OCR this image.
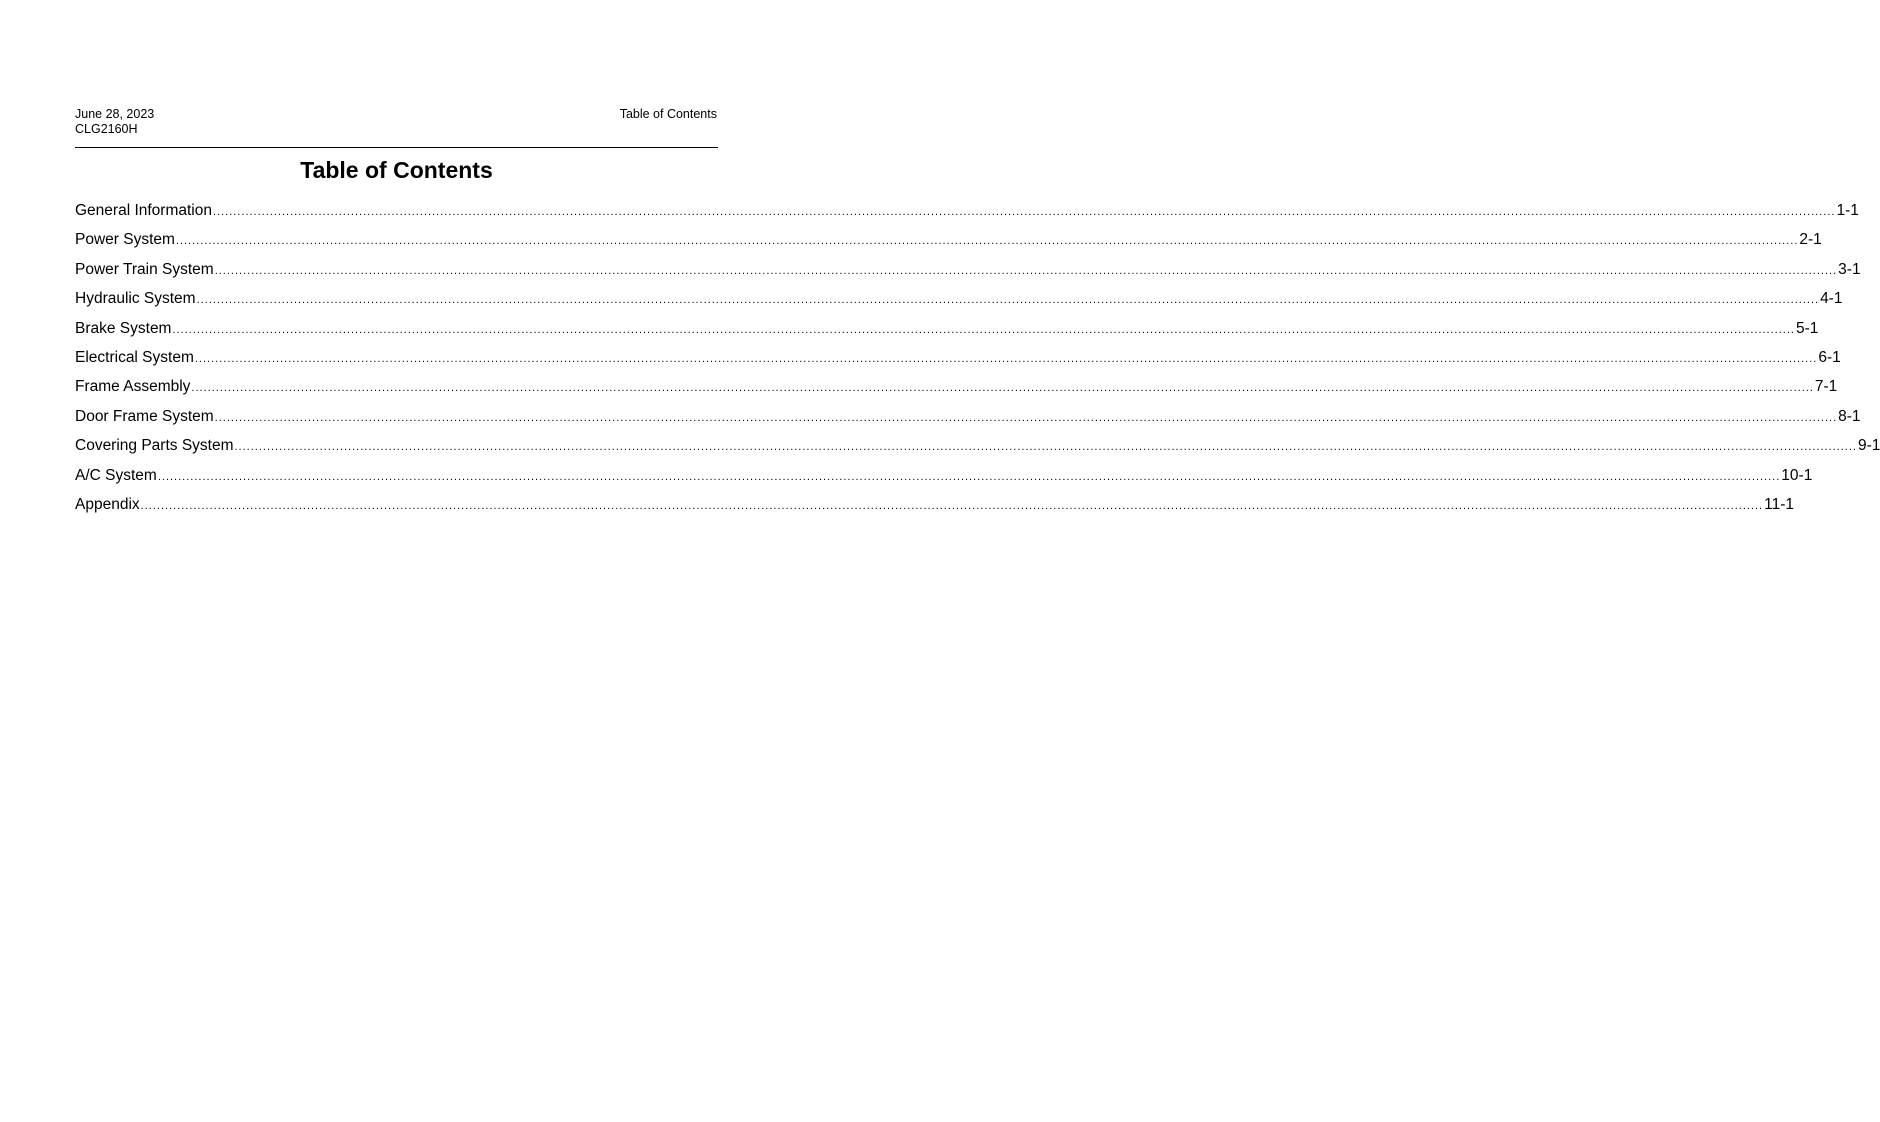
June 28, 2023
CLG2160H
Table of Contents
Table of Contents
General Information ................................................................................................................................................................................................................................................................................................................................................................................................................ 1-1
Power System ................................................................................................................................................................................................................................................................................................................................................................................................................ 2-1
Power Train System ................................................................................................................................................................................................................................................................................................................................................................................................................ 3-1
Hydraulic System ................................................................................................................................................................................................................................................................................................................................................................................................................ 4-1
Brake System ................................................................................................................................................................................................................................................................................................................................................................................................................ 5-1
Electrical System ................................................................................................................................................................................................................................................................................................................................................................................................................ 6-1
Frame Assembly ................................................................................................................................................................................................................................................................................................................................................................................................................ 7-1
Door Frame System ................................................................................................................................................................................................................................................................................................................................................................................................................ 8-1
Covering Parts System ................................................................................................................................................................................................................................................................................................................................................................................................................ 9-1
A/C System ................................................................................................................................................................................................................................................................................................................................................................................................................ 10-1
Appendix ................................................................................................................................................................................................................................................................................................................................................................................................................ 11-1
